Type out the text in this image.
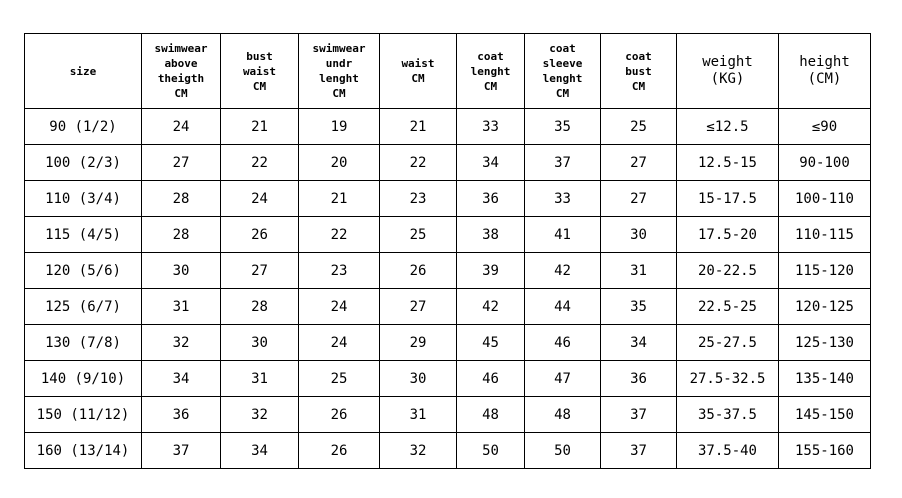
size	swimwear
above
theigth
CM	bust
waist
CM	swimwear
undr
lenght
CM	waist
CM	coat
lenght
CM	coat
sleeve
lenght
CM	coat
bust
CM	weight
(KG)	height
(CM)
90 (1/2)	24	21	19	21	33	35	25	≤12.5	≤90
100 (2/3)	27	22	20	22	34	37	27	12.5-15	90-100
110 (3/4)	28	24	21	23	36	33	27	15-17.5	100-110
115 (4/5)	28	26	22	25	38	41	30	17.5-20	110-115
120 (5/6)	30	27	23	26	39	42	31	20-22.5	115-120
125 (6/7)	31	28	24	27	42	44	35	22.5-25	120-125
130 (7/8)	32	30	24	29	45	46	34	25-27.5	125-130
140 (9/10)	34	31	25	30	46	47	36	27.5-32.5	135-140
150 (11/12)	36	32	26	31	48	48	37	35-37.5	145-150
160 (13/14)	37	34	26	32	50	50	37	37.5-40	155-160
